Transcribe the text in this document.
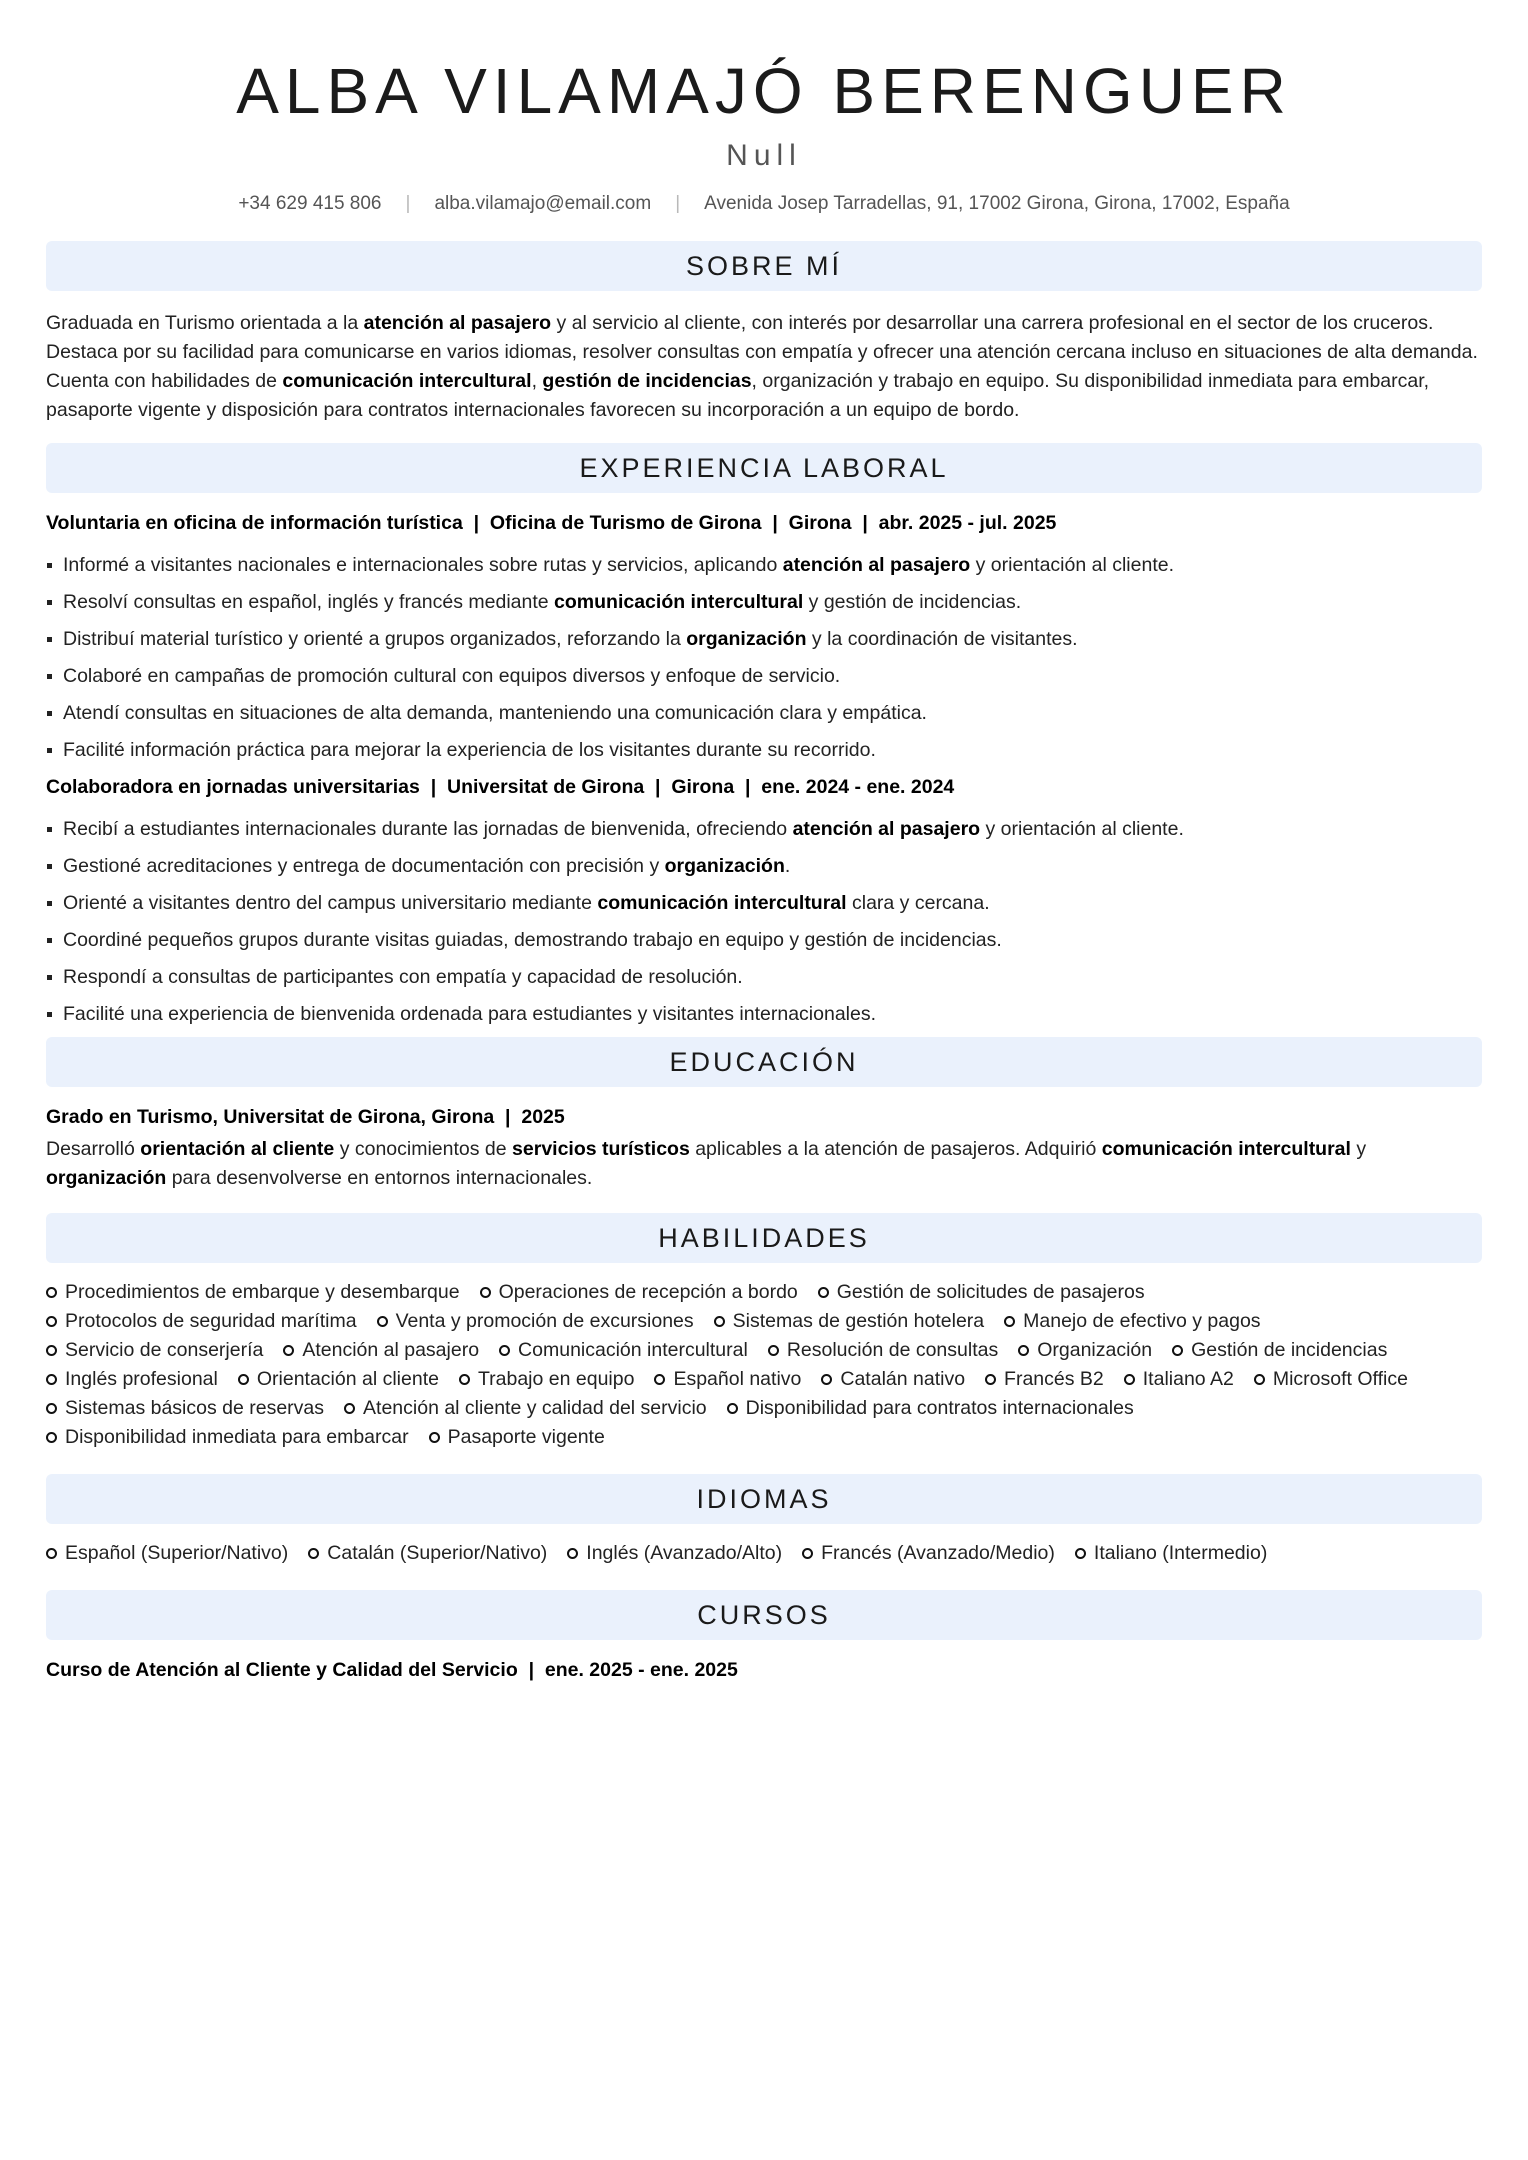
ALBA VILAMAJÓ BERENGUER
Null
+34 629 415 806 | alba.vilamajo@email.com | Avenida Josep Tarradellas, 91, 17002 Girona, Girona, 17002, España
SOBRE MÍ

Graduada en Turismo orientada a la atención al pasajero y al servicio al cliente, con interés por desarrollar una carrera profesional en el sector de los cruceros. Destaca por su facilidad para comunicarse en varios idiomas, resolver consultas con empatía y ofrecer una atención cercana incluso en situaciones de alta demanda. Cuenta con habilidades de comunicación intercultural, gestión de incidencias, organización y trabajo en equipo. Su disponibilidad inmediata para embarcar, pasaporte vigente y disposición para contratos internacionales favorecen su incorporación a un equipo de bordo.

EXPERIENCIA LABORAL
Voluntaria en oficina de información turística  |  Oficina de Turismo de Girona  |  Girona  |  abr. 2025 - jul. 2025
Informé a visitantes nacionales e internacionales sobre rutas y servicios, aplicando atención al pasajero y orientación al cliente.
Resolví consultas en español, inglés y francés mediante comunicación intercultural y gestión de incidencias.
Distribuí material turístico y orienté a grupos organizados, reforzando la organización y la coordinación de visitantes.
Colaboré en campañas de promoción cultural con equipos diversos y enfoque de servicio.
Atendí consultas en situaciones de alta demanda, manteniendo una comunicación clara y empática.
Facilité información práctica para mejorar la experiencia de los visitantes durante su recorrido.
Colaboradora en jornadas universitarias  |  Universitat de Girona  |  Girona  |  ene. 2024 - ene. 2024
Recibí a estudiantes internacionales durante las jornadas de bienvenida, ofreciendo atención al pasajero y orientación al cliente.
Gestioné acreditaciones y entrega de documentación con precisión y organización.
Orienté a visitantes dentro del campus universitario mediante comunicación intercultural clara y cercana.
Coordiné pequeños grupos durante visitas guiadas, demostrando trabajo en equipo y gestión de incidencias.
Respondí a consultas de participantes con empatía y capacidad de resolución.
Facilité una experiencia de bienvenida ordenada para estudiantes y visitantes internacionales.
EDUCACIÓN
Grado en Turismo, Universitat de Girona, Girona  |  2025

Desarrolló orientación al cliente y conocimientos de servicios turísticos aplicables a la atención de pasajeros. Adquirió comunicación intercultural y organización para desenvolverse en entornos internacionales.

HABILIDADES
Procedimientos de embarque y desembarque Operaciones de recepción a bordo Gestión de solicitudes de pasajerosProtocolos de seguridad marítima Venta y promoción de excursiones Sistemas de gestión hotelera Manejo de efectivo y pagosServicio de conserjería Atención al pasajero Comunicación intercultural Resolución de consultas Organización Gestión de incidenciasInglés profesional Orientación al cliente Trabajo en equipo Español nativo Catalán nativo Francés B2 Italiano A2 Microsoft OfficeSistemas básicos de reservas Atención al cliente y calidad del servicio Disponibilidad para contratos internacionalesDisponibilidad inmediata para embarcar Pasaporte vigente
IDIOMAS
Español (Superior/Nativo) Catalán (Superior/Nativo) Inglés (Avanzado/Alto) Francés (Avanzado/Medio) Italiano (Intermedio)
CURSOS
Curso de Atención al Cliente y Calidad del Servicio  |  ene. 2025 - ene. 2025
